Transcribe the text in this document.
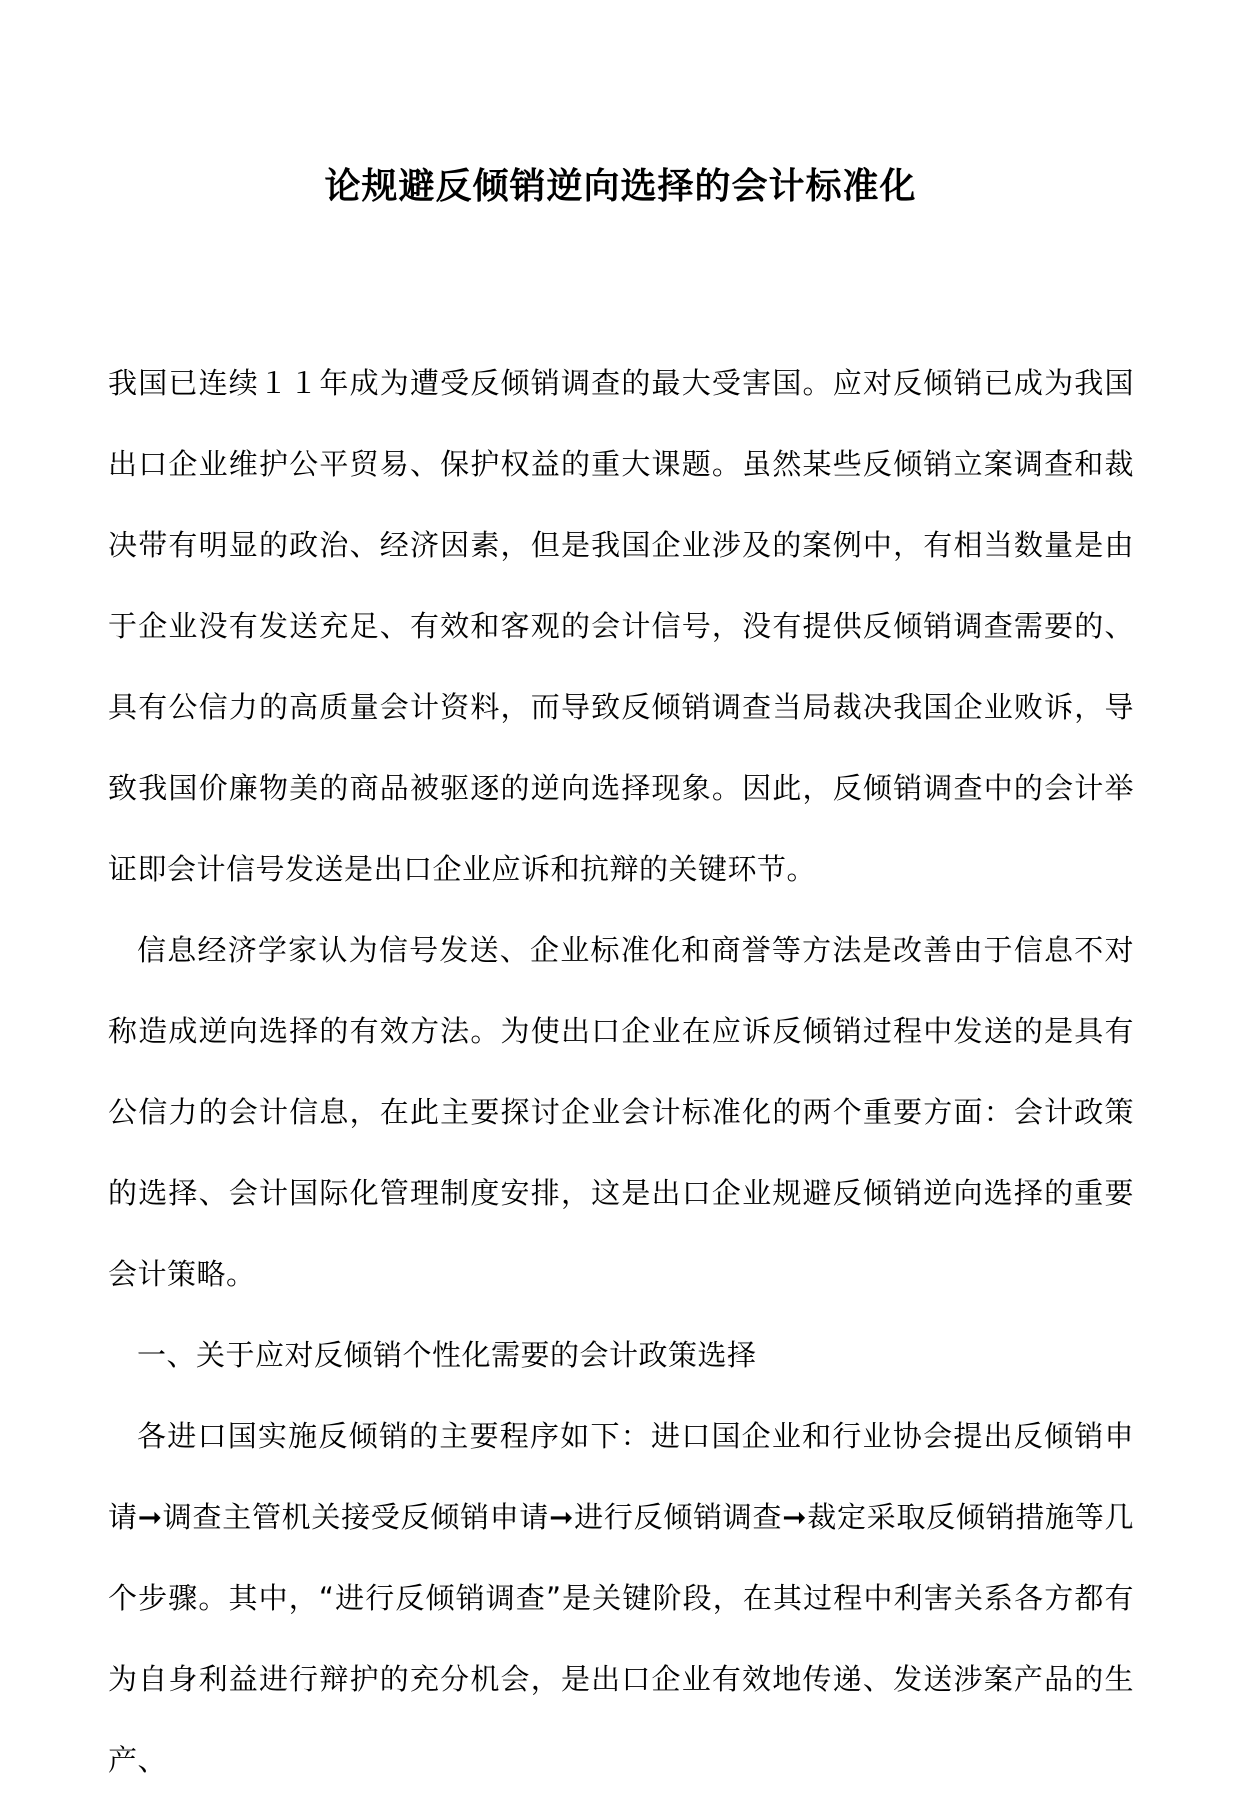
论规避反倾销逆向选择的会计标准化

我国已连续１１年成为遭受反倾销调查的最大受害国。应对反倾销已成为我国出口企业维护公平贸易、保护权益的重大课题。虽然某些反倾销立案调查和裁决带有明显的政治、经济因素，但是我国企业涉及的案例中，有相当数量是由于企业没有发送充足、有效和客观的会计信号，没有提供反倾销调查需要的、具有公信力的高质量会计资料，而导致反倾销调查当局裁决我国企业败诉，导致我国价廉物美的商品被驱逐的逆向选择现象。因此，反倾销调查中的会计举证即会计信号发送是出口企业应诉和抗辩的关键环节。

信息经济学家认为信号发送、企业标准化和商誉等方法是改善由于信息不对称造成逆向选择的有效方法。为使出口企业在应诉反倾销过程中发送的是具有公信力的会计信息，在此主要探讨企业会计标准化的两个重要方面：会计政策的选择、会计国际化管理制度安排，这是出口企业规避反倾销逆向选择的重要会计策略。

一、关于应对反倾销个性化需要的会计政策选择

各进口国实施反倾销的主要程序如下：进口国企业和行业协会提出反倾销申请➞调查主管机关接受反倾销申请➞进行反倾销调查➞裁定采取反倾销措施等几个步骤。其中，“进行反倾销调查”是关键阶段，在其过程中利害关系各方都有为自身利益进行辩护的充分机会，是出口企业有效地传递、发送涉案产品的生产、
